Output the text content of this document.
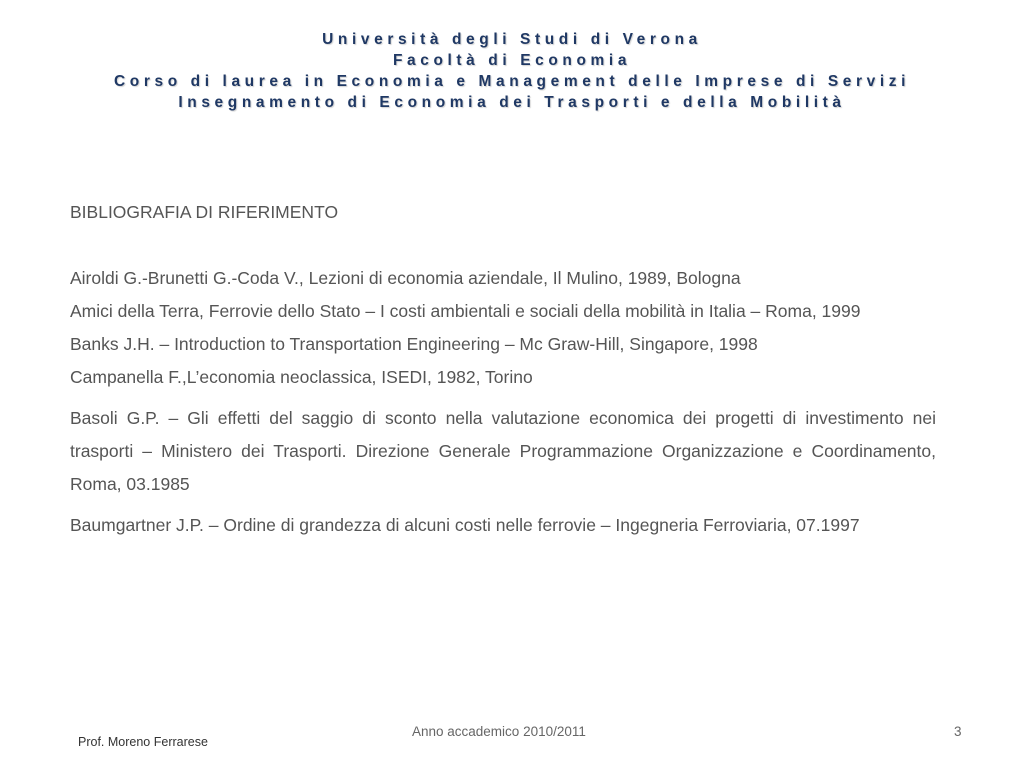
Università degli Studi di Verona
Facoltà di Economia
Corso di laurea in Economia e Management delle Imprese di Servizi
Insegnamento di Economia dei Trasporti e della Mobilità
BIBLIOGRAFIA DI RIFERIMENTO

Airoldi G.-Brunetti G.-Coda V., Lezioni di economia aziendale, Il Mulino, 1989, Bologna

Amici della Terra, Ferrovie dello Stato – I costi ambientali e sociali della mobilità in Italia – Roma, 1999

Banks J.H. – Introduction to Transportation Engineering – Mc Graw-Hill, Singapore, 1998

Campanella F.,L’economia neoclassica, ISEDI, 1982, Torino

Basoli G.P. – Gli effetti del saggio di sconto nella valutazione economica dei progetti di investimento nei trasporti – Ministero dei Trasporti. Direzione Generale Programmazione Organizzazione e Coordinamento, Roma, 03.1985

Baumgartner J.P. – Ordine di grandezza di alcuni costi nelle ferrovie – Ingegneria Ferroviaria, 07.1997

Prof. Moreno Ferrarese
Anno accademico 2010/2011	3
